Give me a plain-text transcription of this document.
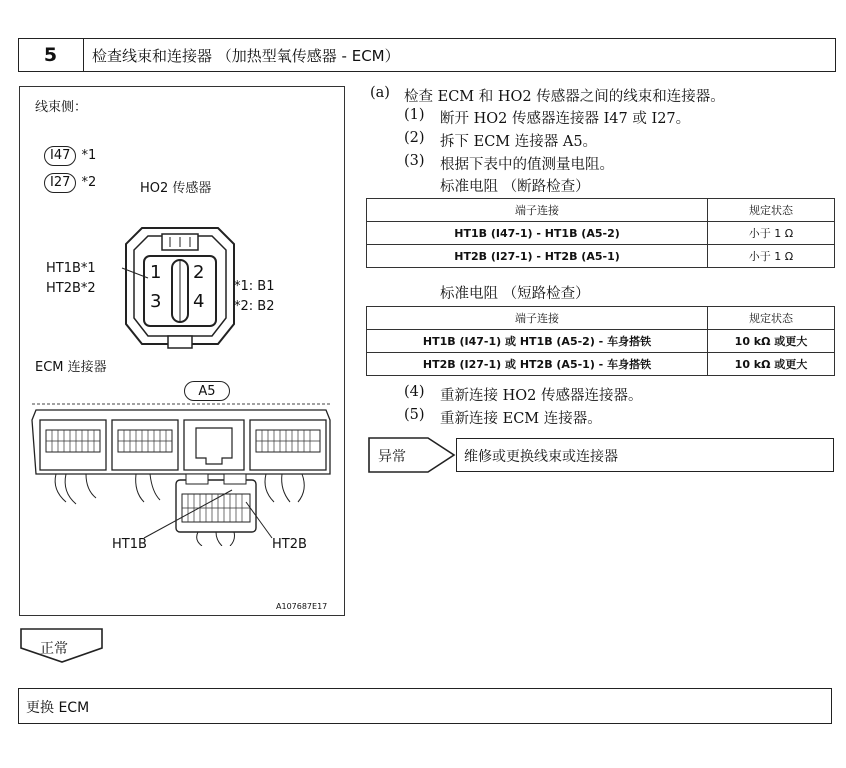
5	检查线束和连接器 （加热型氧传感器 - ECM）
线束侧：
I47 *1
I27 *2	HO2 传感器
1 2
3 4
HT1B*1
HT2B*2	*1: B1
*2: B2
ECM 连接器
A5
HT1B	HT2B
A107687E17
(a) 检查 ECM 和 HO2 传感器之间的线束和连接器。
(1) 断开 HO2 传感器连接器 I47 或 I27。
(2) 拆下 ECM 连接器 A5。
(3) 根据下表中的值测量电阻。
标准电阻 （断路检查）
端子连接	规定状态
HT1B (I47-1) - HT1B (A5-2)	小于 1 Ω
HT2B (I27-1) - HT2B (A5-1)	小于 1 Ω
标准电阻 （短路检查）
端子连接	规定状态
HT1B (I47-1) 或 HT1B (A5-2) - 车身搭铁	10 kΩ 或更大
HT2B (I27-1) 或 HT2B (A5-1) - 车身搭铁	10 kΩ 或更大
(4) 重新连接 HO2 传感器连接器。
(5) 重新连接 ECM 连接器。
异常	维修或更换线束或连接器
正常
更换 ECM
